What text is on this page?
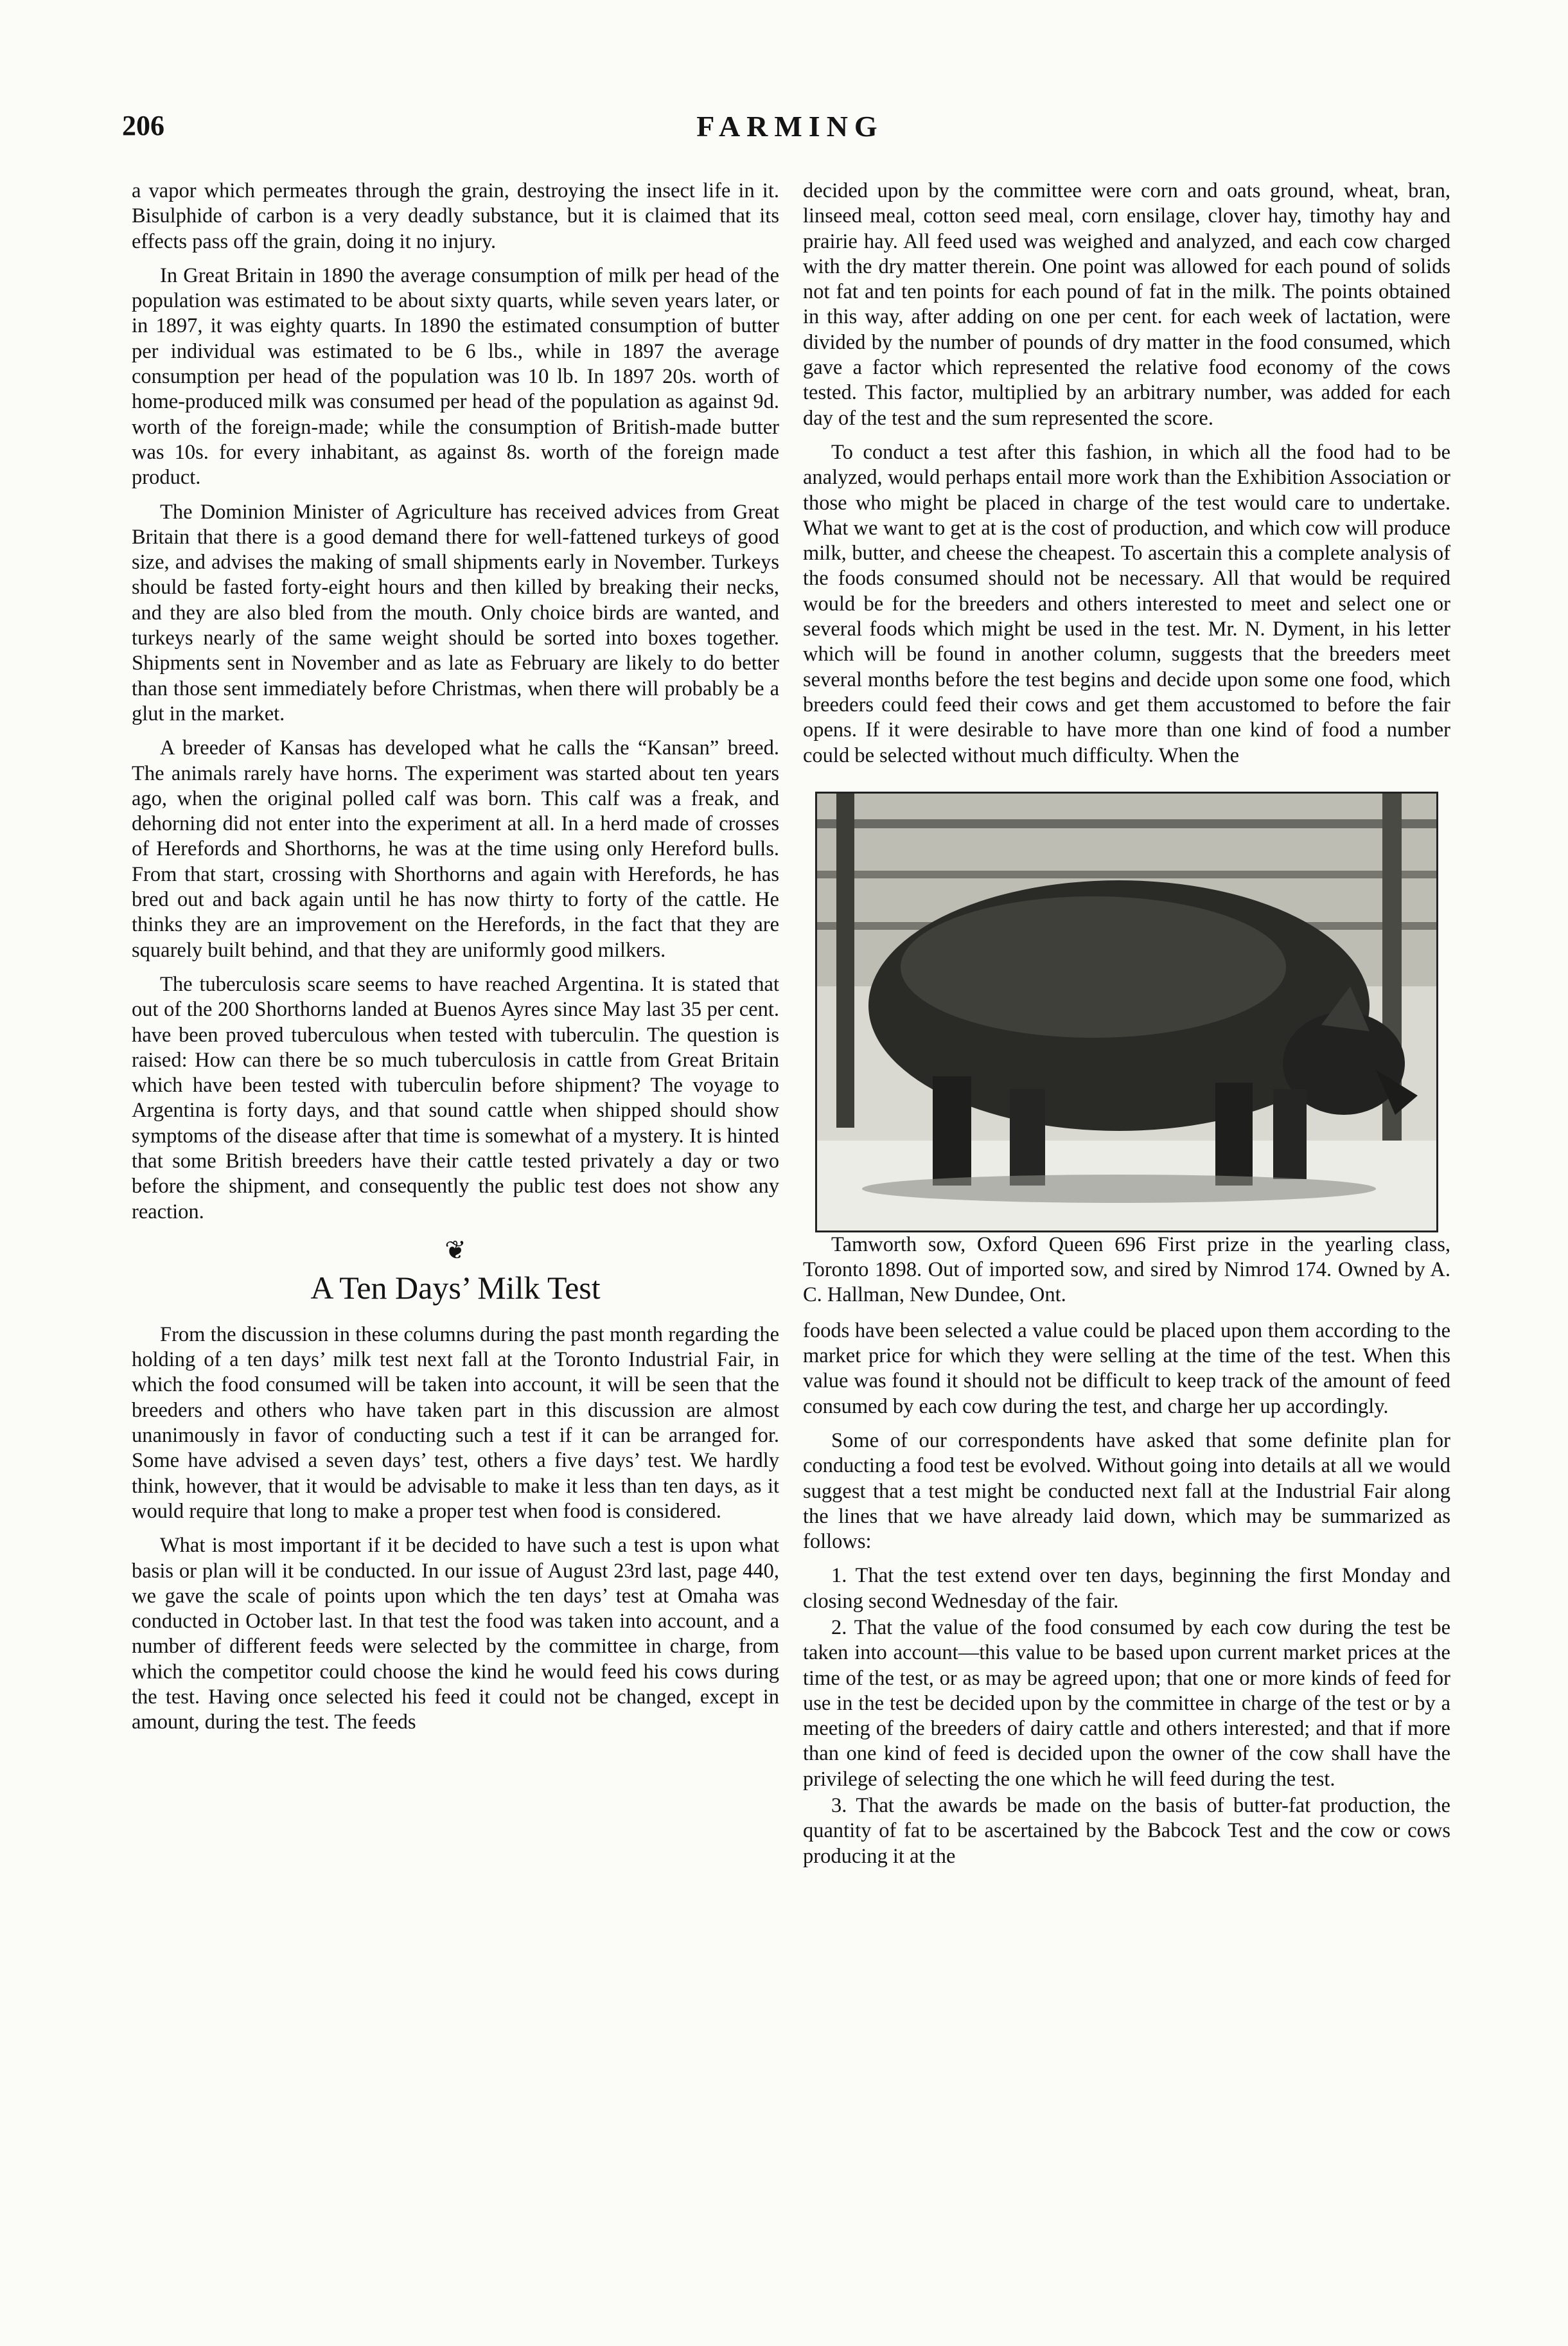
206	FARMING

a vapor which permeates through the grain, destroying the insect life in it. Bisulphide of carbon is a very deadly substance, but it is claimed that its effects pass off the grain, doing it no injury.

In Great Britain in 1890 the average consumption of milk per head of the population was estimated to be about sixty quarts, while seven years later, or in 1897, it was eighty quarts. In 1890 the estimated consumption of butter per individual was estimated to be 6 lbs., while in 1897 the average consumption per head of the population was 10 lb. In 1897 20s. worth of home-produced milk was consumed per head of the population as against 9d. worth of the foreign-made; while the consumption of British-made butter was 10s. for every inhabitant, as against 8s. worth of the foreign made product.

The Dominion Minister of Agriculture has received advices from Great Britain that there is a good demand there for well-fattened turkeys of good size, and advises the making of small shipments early in November. Turkeys should be fasted forty-eight hours and then killed by breaking their necks, and they are also bled from the mouth. Only choice birds are wanted, and turkeys nearly of the same weight should be sorted into boxes together. Shipments sent in November and as late as February are likely to do better than those sent immediately before Christmas, when there will probably be a glut in the market.

A breeder of Kansas has developed what he calls the “Kansan” breed. The animals rarely have horns. The experiment was started about ten years ago, when the original polled calf was born. This calf was a freak, and dehorning did not enter into the experiment at all. In a herd made of crosses of Herefords and Shorthorns, he was at the time using only Hereford bulls. From that start, crossing with Shorthorns and again with Herefords, he has bred out and back again until he has now thirty to forty of the cattle. He thinks they are an improvement on the Herefords, in the fact that they are squarely built behind, and that they are uniformly good milkers.

The tuberculosis scare seems to have reached Argentina. It is stated that out of the 200 Shorthorns landed at Buenos Ayres since May last 35 per cent. have been proved tuberculous when tested with tuberculin. The question is raised: How can there be so much tuberculosis in cattle from Great Britain which have been tested with tuberculin before shipment? The voyage to Argentina is forty days, and that sound cattle when shipped should show symptoms of the disease after that time is somewhat of a mystery. It is hinted that some British breeders have their cattle tested privately a day or two before the shipment, and consequently the public test does not show any reaction.

❦
A Ten Days’ Milk Test

From the discussion in these columns during the past month regarding the holding of a ten days’ milk test next fall at the Toronto Industrial Fair, in which the food consumed will be taken into account, it will be seen that the breeders and others who have taken part in this discussion are almost unanimously in favor of conducting such a test if it can be arranged for. Some have advised a seven days’ test, others a five days’ test. We hardly think, however, that it would be advisable to make it less than ten days, as it would require that long to make a proper test when food is considered.

What is most important if it be decided to have such a test is upon what basis or plan will it be conducted. In our issue of August 23rd last, page 440, we gave the scale of points upon which the ten days’ test at Omaha was conducted in October last. In that test the food was taken into account, and a number of different feeds were selected by the committee in charge, from which the competitor could choose the kind he would feed his cows during the test. Having once selected his feed it could not be changed, except in amount, during the test. The feeds

decided upon by the committee were corn and oats ground, wheat, bran, linseed meal, cotton seed meal, corn ensilage, clover hay, timothy hay and prairie hay. All feed used was weighed and analyzed, and each cow charged with the dry matter therein. One point was allowed for each pound of solids not fat and ten points for each pound of fat in the milk. The points obtained in this way, after adding on one per cent. for each week of lactation, were divided by the number of pounds of dry matter in the food consumed, which gave a factor which represented the relative food economy of the cows tested. This factor, multiplied by an arbitrary number, was added for each day of the test and the sum represented the score.

To conduct a test after this fashion, in which all the food had to be analyzed, would perhaps entail more work than the Exhibition Association or those who might be placed in charge of the test would care to undertake. What we want to get at is the cost of production, and which cow will produce milk, butter, and cheese the cheapest. To ascertain this a complete analysis of the foods consumed should not be necessary. All that would be required would be for the breeders and others interested to meet and select one or several foods which might be used in the test. Mr. N. Dyment, in his letter which will be found in another column, suggests that the breeders meet several months before the test begins and decide upon some one food, which breeders could feed their cows and get them accustomed to before the fair opens. If it were desirable to have more than one kind of food a number could be selected without much difficulty. When the

Tamworth sow, Oxford Queen 696 First prize in the yearling class, Toronto 1898. Out of imported sow, and sired by Nimrod 174. Owned by A. C. Hallman, New Dundee, Ont.

foods have been selected a value could be placed upon them according to the market price for which they were selling at the time of the test. When this value was found it should not be difficult to keep track of the amount of feed consumed by each cow during the test, and charge her up accordingly.

Some of our correspondents have asked that some definite plan for conducting a food test be evolved. Without going into details at all we would suggest that a test might be conducted next fall at the Industrial Fair along the lines that we have already laid down, which may be summarized as follows:

1. That the test extend over ten days, beginning the first Monday and closing second Wednesday of the fair.

2. That the value of the food consumed by each cow during the test be taken into account—this value to be based upon current market prices at the time of the test, or as may be agreed upon; that one or more kinds of feed for use in the test be decided upon by the committee in charge of the test or by a meeting of the breeders of dairy cattle and others interested; and that if more than one kind of feed is decided upon the owner of the cow shall have the privilege of selecting the one which he will feed during the test.

3. That the awards be made on the basis of butter-fat production, the quantity of fat to be ascertained by the Babcock Test and the cow or cows producing it at the
